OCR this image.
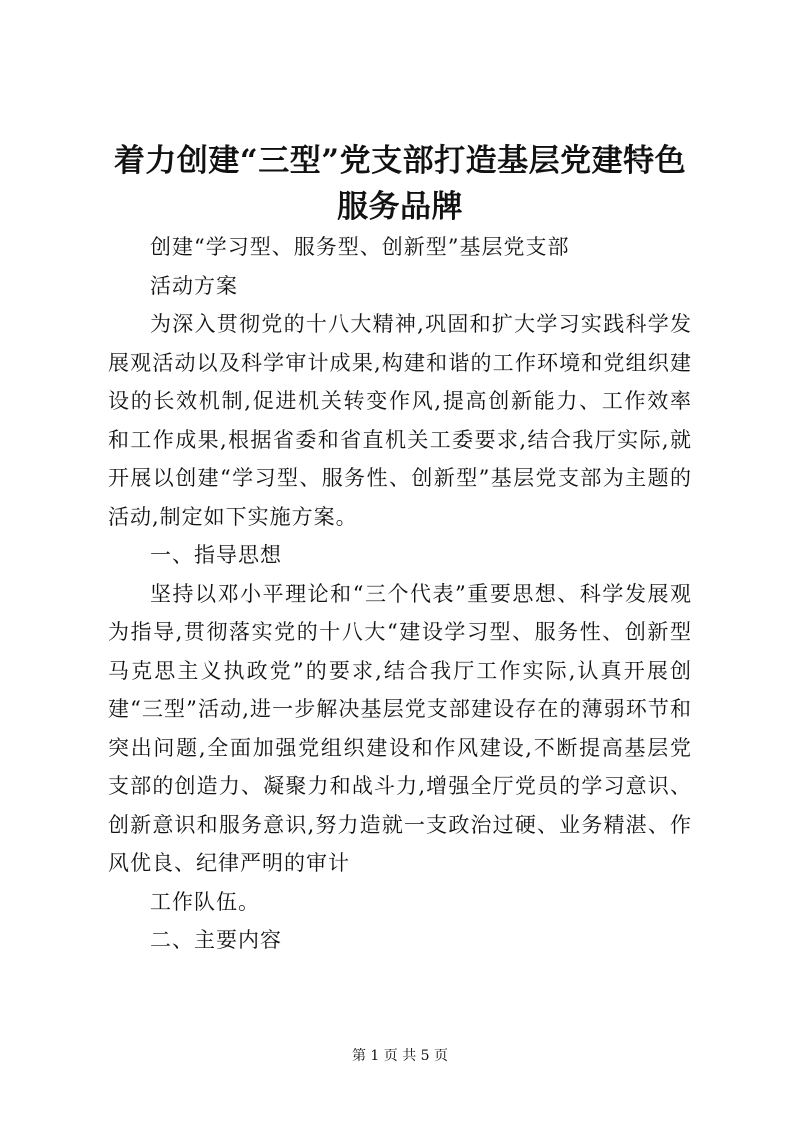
着力创建“三型”党支部打造基层党建特色服务品牌

创建“学习型、服务型、创新型”基层党支部

活动方案

为深入贯彻党的十八大精神,巩固和扩大学习实践科学发展观活动以及科学审计成果,构建和谐的工作环境和党组织建设的长效机制,促进机关转变作风,提高创新能力、工作效率和工作成果,根据省委和省直机关工委要求,结合我厅实际,就开展以创建“学习型、服务性、创新型”基层党支部为主题的活动,制定如下实施方案。

一、指导思想

坚持以邓小平理论和“三个代表”重要思想、科学发展观为指导,贯彻落实党的十八大“建设学习型、服务性、创新型马克思主义执政党”的要求,结合我厅工作实际,认真开展创建“三型”活动,进一步解决基层党支部建设存在的薄弱环节和突出问题,全面加强党组织建设和作风建设,不断提高基层党支部的创造力、凝聚力和战斗力,增强全厅党员的学习意识、创新意识和服务意识,努力造就一支政治过硬、业务精湛、作风优良、纪律严明的审计

工作队伍。

二、主要内容

第 1 页 共 5 页
